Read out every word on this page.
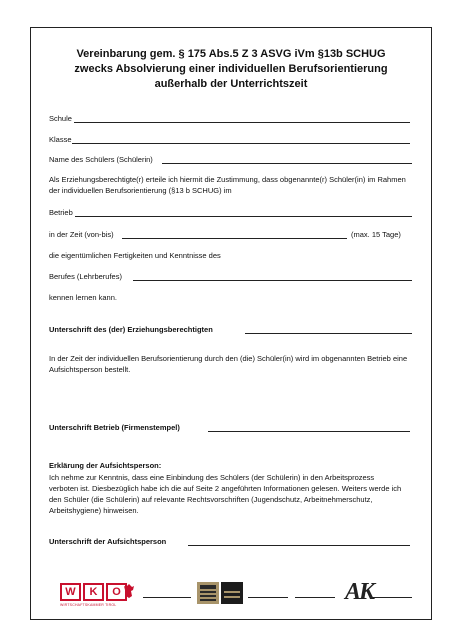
Vereinbarung gem. § 175 Abs.5 Z 3 ASVG iVm §13b SCHUG
zwecks Absolvierung einer individuellen Berufsorientierung
außerhalb der Unterrichtszeit
Schule
Klasse
Name des Schülers (Schülerin)
Als Erziehungsberechtigte(r) erteile ich hiermit die Zustimmung, dass obgenannte(r) Schüler(in) im Rahmen der individuellen Berufsorientierung (§13 b SCHUG) im
Betrieb
in der Zeit (von-bis)	(max. 15 Tage)
die eigentümlichen Fertigkeiten und Kenntnisse des
Berufes (Lehrberufes)
kennen lernen kann.
Unterschrift des (der) Erziehungsberechtigten
In der Zeit der individuellen Berufsorientierung durch den (die) Schüler(in) wird im obgenannten Betrieb eine Aufsichtsperson bestellt.
Unterschrift Betrieb (Firmenstempel)
Erklärung der Aufsichtsperson:
Ich nehme zur Kenntnis, dass eine Einbindung des Schülers (der Schülerin) in den Arbeitsprozess verboten ist. Diesbezüglich habe ich die auf Seite 2 angeführten Informationen gelesen. Weiters werde ich den Schüler (die Schülerin) auf relevante Rechtsvorschriften (Jugendschutz, Arbeitnehmerschutz, Arbeitshygiene) hinweisen.
Unterschrift der Aufsichtsperson
W K O
WIRTSCHAFTSKAMMER TIROL	AK
